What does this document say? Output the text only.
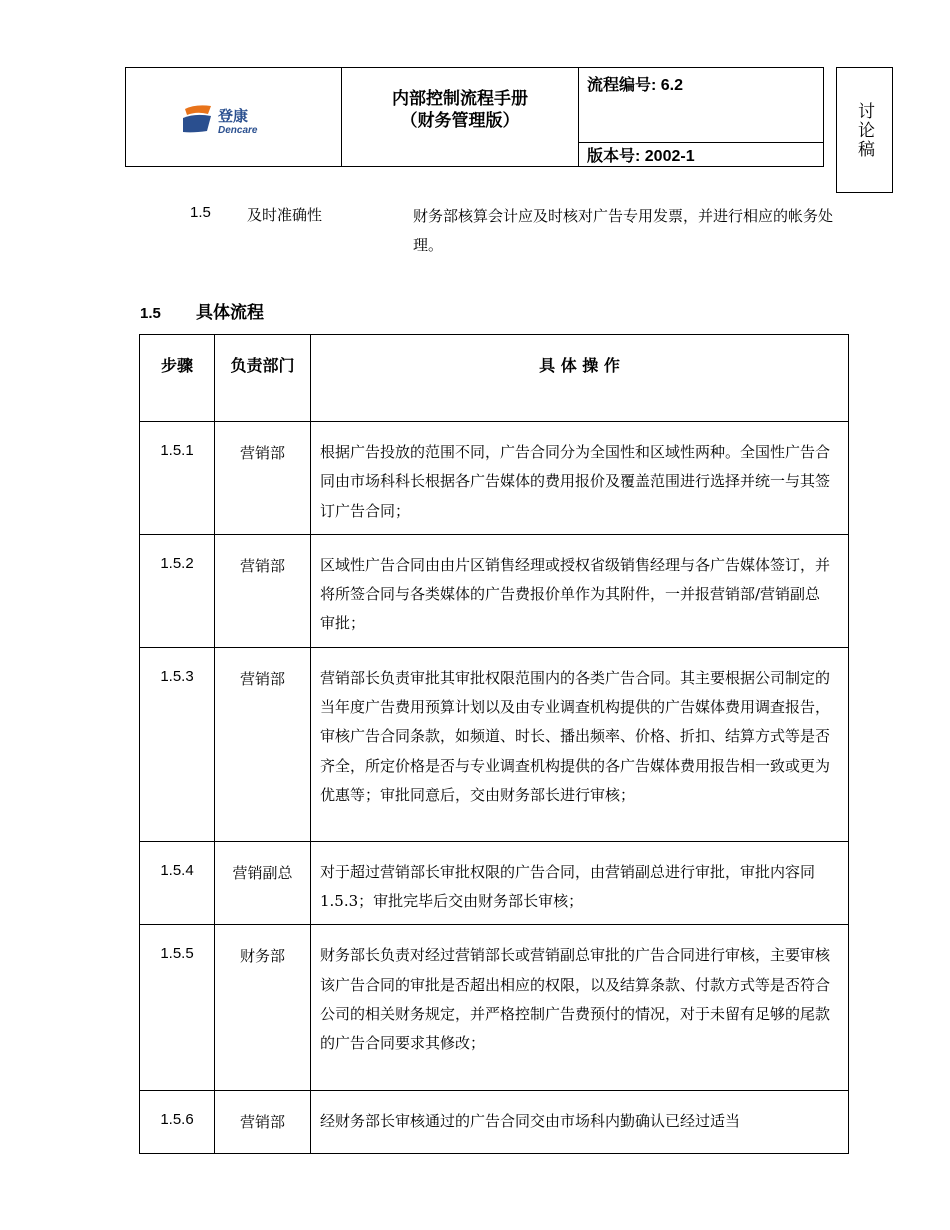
登康
Dencare

内部控制流程手册
（财务管理版）

流程编号: 6.2

版本号: 2002-1	讨论稿
1.5 及时准确性	财务部核算会计应及时核对广告专用发票，并进行相应的帐务处理。
1.5 具体流程
步骤	负责部门	具 体 操 作
1.5.1	营销部	根据广告投放的范围不同，广告合同分为全国性和区域性两种。全国性广告合同由市场科科长根据各广告媒体的费用报价及覆盖范围进行选择并统一与其签订广告合同；
1.5.2	营销部	区域性广告合同由由片区销售经理或授权省级销售经理与各广告媒体签订，并将所签合同与各类媒体的广告费报价单作为其附件，一并报营销部/营销副总审批；
1.5.3	营销部	营销部长负责审批其审批权限范围内的各类广告合同。其主要根据公司制定的当年度广告费用预算计划以及由专业调查机构提供的广告媒体费用调查报告，审核广告合同条款，如频道、时长、播出频率、价格、折扣、结算方式等是否齐全，所定价格是否与专业调查机构提供的各广告媒体费用报告相一致或更为优惠等；审批同意后，交由财务部长进行审核；
1.5.4	营销副总	对于超过营销部长审批权限的广告合同，由营销副总进行审批，审批内容同 1.5.3；审批完毕后交由财务部长审核；
1.5.5	财务部	财务部长负责对经过营销部长或营销副总审批的广告合同进行审核，主要审核该广告合同的审批是否超出相应的权限，以及结算条款、付款方式等是否符合公司的相关财务规定，并严格控制广告费预付的情况，对于未留有足够的尾款的广告合同要求其修改；
1.5.6	营销部	经财务部长审核通过的广告合同交由市场科内勤确认已经过适当
